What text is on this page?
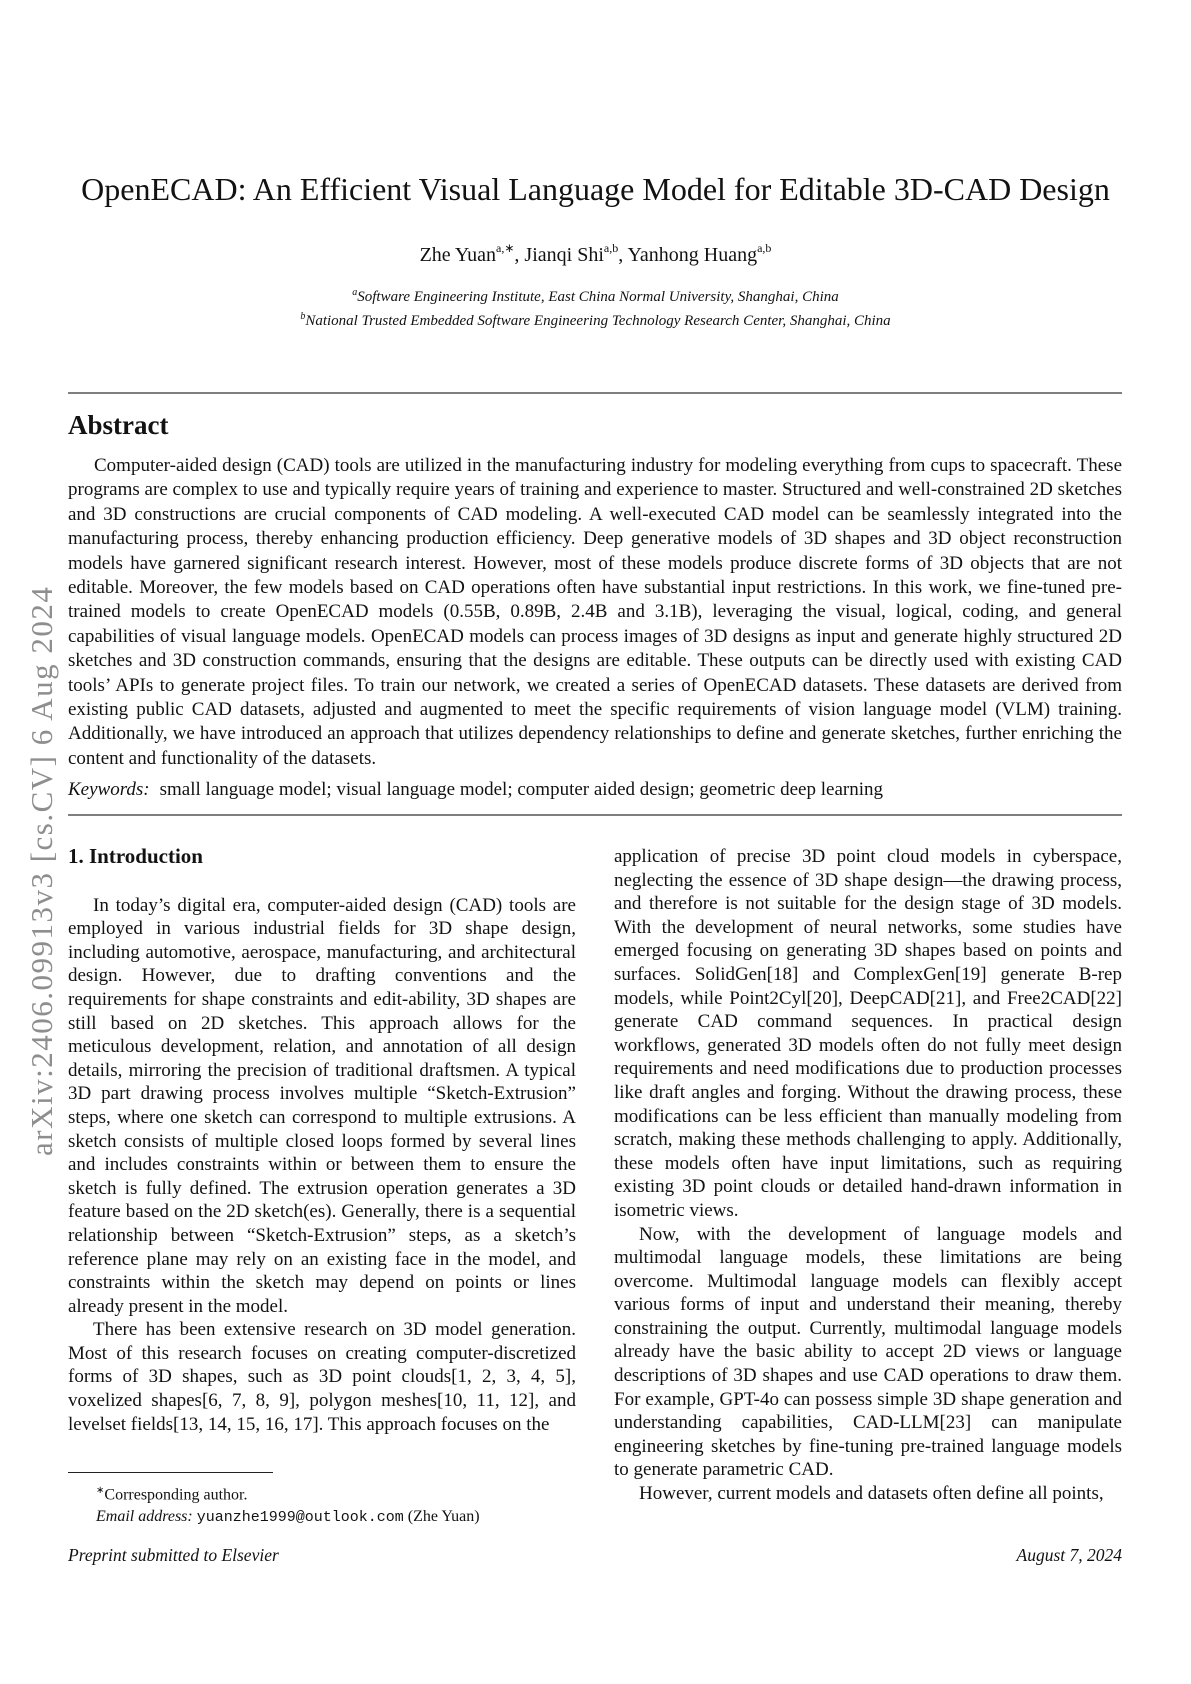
arXiv:2406.09913v3 [cs.CV] 6 Aug 2024
OpenECAD: An Efficient Visual Language Model for Editable 3D-CAD Design
Zhe Yuan$^{a,∗}$, Jianqi Shi$^{a,b}$, Yanhong Huang$^{a,b}$
$^a$Software Engineering Institute, East China Normal University, Shanghai, China
$^b$National Trusted Embedded Software Engineering Technology Research Center, Shanghai, China
Abstract

Computer-aided design (CAD) tools are utilized in the manufacturing industry for modeling everything from cups to spacecraft. These programs are complex to use and typically require years of training and experience to master. Structured and well-constrained 2D sketches and 3D constructions are crucial components of CAD modeling. A well-executed CAD model can be seamlessly integrated into the manufacturing process, thereby enhancing production efficiency. Deep generative models of 3D shapes and 3D object reconstruction models have garnered significant research interest. However, most of these models produce discrete forms of 3D objects that are not editable. Moreover, the few models based on CAD operations often have substantial input restrictions. In this work, we fine-tuned pre-trained models to create OpenECAD models (0.55B, 0.89B, 2.4B and 3.1B), leveraging the visual, logical, coding, and general capabilities of visual language models. OpenECAD models can process images of 3D designs as input and generate highly structured 2D sketches and 3D construction commands, ensuring that the designs are editable. These outputs can be directly used with existing CAD tools’ APIs to generate project files. To train our network, we created a series of OpenECAD datasets. These datasets are derived from existing public CAD datasets, adjusted and augmented to meet the specific requirements of vision language model (VLM) training. Additionally, we have introduced an approach that utilizes dependency relationships to define and generate sketches, further enriching the content and functionality of the datasets.

Keywords: small language model; visual language model; computer aided design; geometric deep learning

1. Introduction

In today’s digital era, computer-aided design (CAD) tools are employed in various industrial fields for 3D shape design, including automotive, aerospace, manufacturing, and architectural design. However, due to drafting conventions and the requirements for shape constraints and edit-ability, 3D shapes are still based on 2D sketches. This approach allows for the meticulous development, relation, and annotation of all design details, mirroring the precision of traditional draftsmen. A typical 3D part drawing process involves multiple “Sketch-Extrusion” steps, where one sketch can correspond to multiple extrusions. A sketch consists of multiple closed loops formed by several lines and includes constraints within or between them to ensure the sketch is fully defined. The extrusion operation generates a 3D feature based on the 2D sketch(es). Generally, there is a sequential relationship between “Sketch-Extrusion” steps, as a sketch’s reference plane may rely on an existing face in the model, and constraints within the sketch may depend on points or lines already present in the model.

There has been extensive research on 3D model generation. Most of this research focuses on creating computer-discretized forms of 3D shapes, such as 3D point clouds[1, 2, 3, 4, 5], voxelized shapes[6, 7, 8, 9], polygon meshes[10, 11, 12], and levelset fields[13, 14, 15, 16, 17]. This approach focuses on the

application of precise 3D point cloud models in cyberspace, neglecting the essence of 3D shape design—the drawing process, and therefore is not suitable for the design stage of 3D models. With the development of neural networks, some studies have emerged focusing on generating 3D shapes based on points and surfaces. SolidGen[18] and ComplexGen[19] generate B-rep models, while Point2Cyl[20], DeepCAD[21], and Free2CAD[22] generate CAD command sequences. In practical design workflows, generated 3D models often do not fully meet design requirements and need modifications due to production processes like draft angles and forging. Without the drawing process, these modifications can be less efficient than manually modeling from scratch, making these methods challenging to apply. Additionally, these models often have input limitations, such as requiring existing 3D point clouds or detailed hand-drawn information in isometric views.

Now, with the development of language models and multimodal language models, these limitations are being overcome. Multimodal language models can flexibly accept various forms of input and understand their meaning, thereby constraining the output. Currently, multimodal language models already have the basic ability to accept 2D views or language descriptions of 3D shapes and use CAD operations to draw them. For example, GPT-4o can possess simple 3D shape generation and understanding capabilities, CAD-LLM[23] can manipulate engineering sketches by fine-tuning pre-trained language models to generate parametric CAD.

However, current models and datasets often define all points,

∗Corresponding author.
Email address: yuanzhe1999@outlook.com (Zhe Yuan)
Preprint submitted to Elsevier	August 7, 2024
